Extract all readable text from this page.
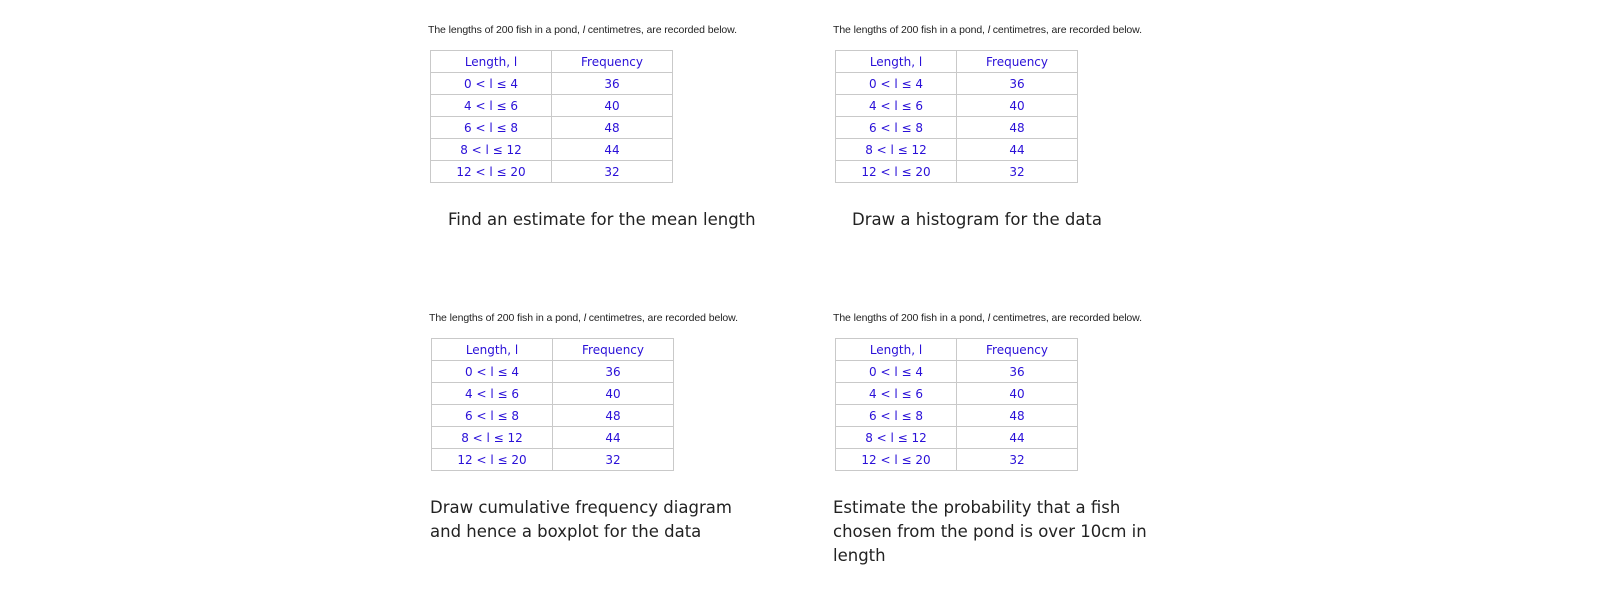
The lengths of 200 fish in a pond, l centimetres, are recorded below.

Length, l	Frequency
0 < l ≤ 4	36
4 < l ≤ 6	40
6 < l ≤ 8	48
8 < l ≤ 12	44
12 < l ≤ 20	32
Find an estimate for the mean length

The lengths of 200 fish in a pond, l centimetres, are recorded below.

Length, l	Frequency
0 < l ≤ 4	36
4 < l ≤ 6	40
6 < l ≤ 8	48
8 < l ≤ 12	44
12 < l ≤ 20	32
Draw a histogram for the data

The lengths of 200 fish in a pond, l centimetres, are recorded below.

Length, l	Frequency
0 < l ≤ 4	36
4 < l ≤ 6	40
6 < l ≤ 8	48
8 < l ≤ 12	44
12 < l ≤ 20	32
Draw cumulative frequency diagram and hence a boxplot for the data

The lengths of 200 fish in a pond, l centimetres, are recorded below.

Length, l	Frequency
0 < l ≤ 4	36
4 < l ≤ 6	40
6 < l ≤ 8	48
8 < l ≤ 12	44
12 < l ≤ 20	32
Estimate the probability that a fish chosen from the pond is over 10cm in length
